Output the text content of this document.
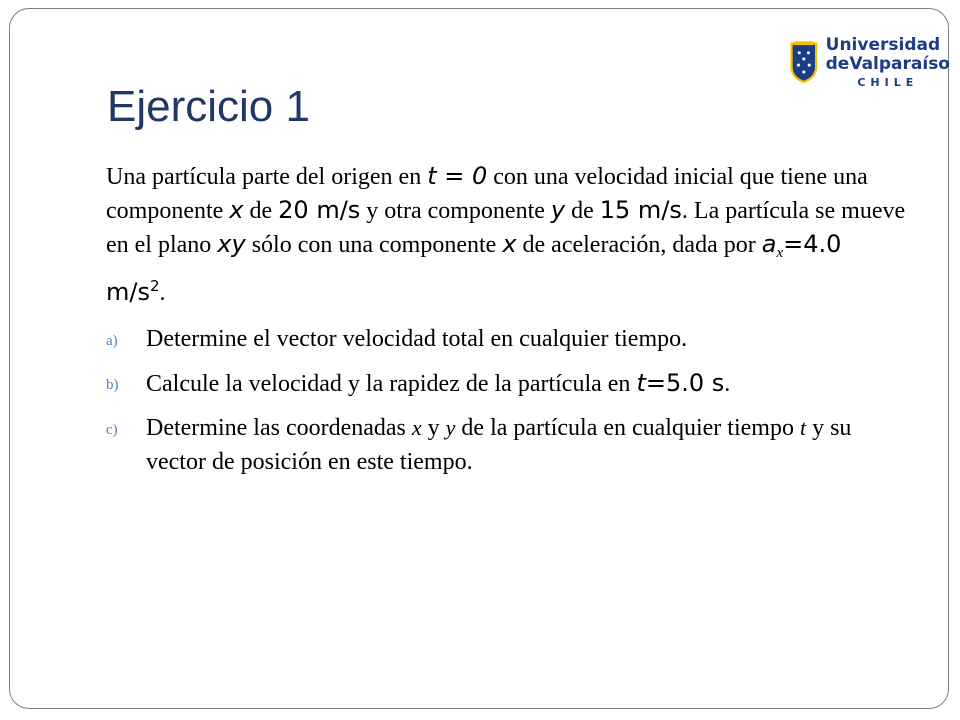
Universidad
deValparaíso
CHILE
Ejercicio 1

Una partícula parte del origen en t = 0 con una velocidad inicial que tiene una componente x de 20 m/s y otra componente y de 15 m/s. La partícula se mueve en el plano xy sólo con una componente x de aceleración, dada por $a_x=4.0$ $m/s^2$.

a) Determine el vector velocidad total en cualquier tiempo.
b) Calcule la velocidad y la rapidez de la partícula en t=5.0 s.
c) Determine las coordenadas x y y de la partícula en cualquier tiempo t y su vector de posición en este tiempo.
